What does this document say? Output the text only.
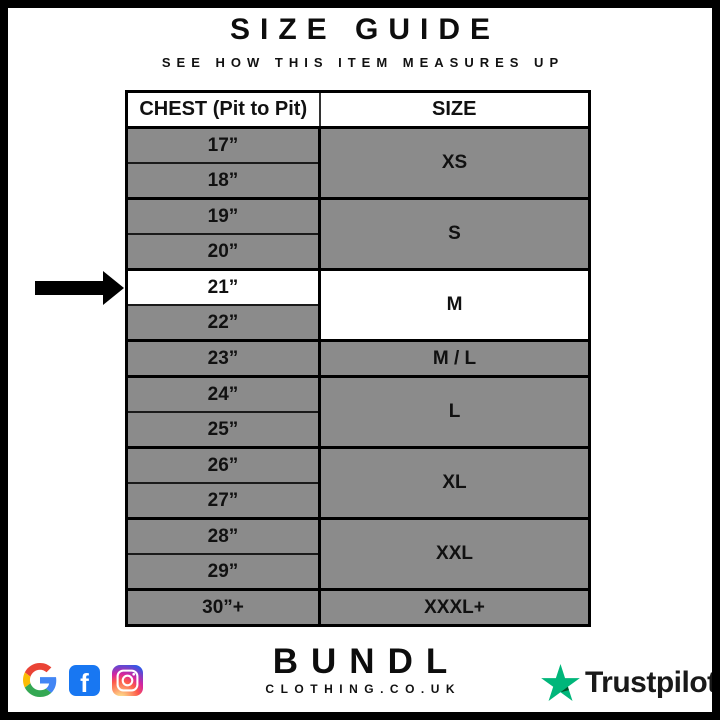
SIZE GUIDE
SEE HOW THIS ITEM MEASURES UP
CHEST (Pit to Pit)	SIZE
17”	XS
18”	
19”	S
20”	
21”	M
22”	
23”	M / L
24”	L
25”	
26”	XL
27”	
28”	XXL
29”	
30”+	XXXL+
f
BUNDL
CLOTHING.CO.UK	Trustpilot
